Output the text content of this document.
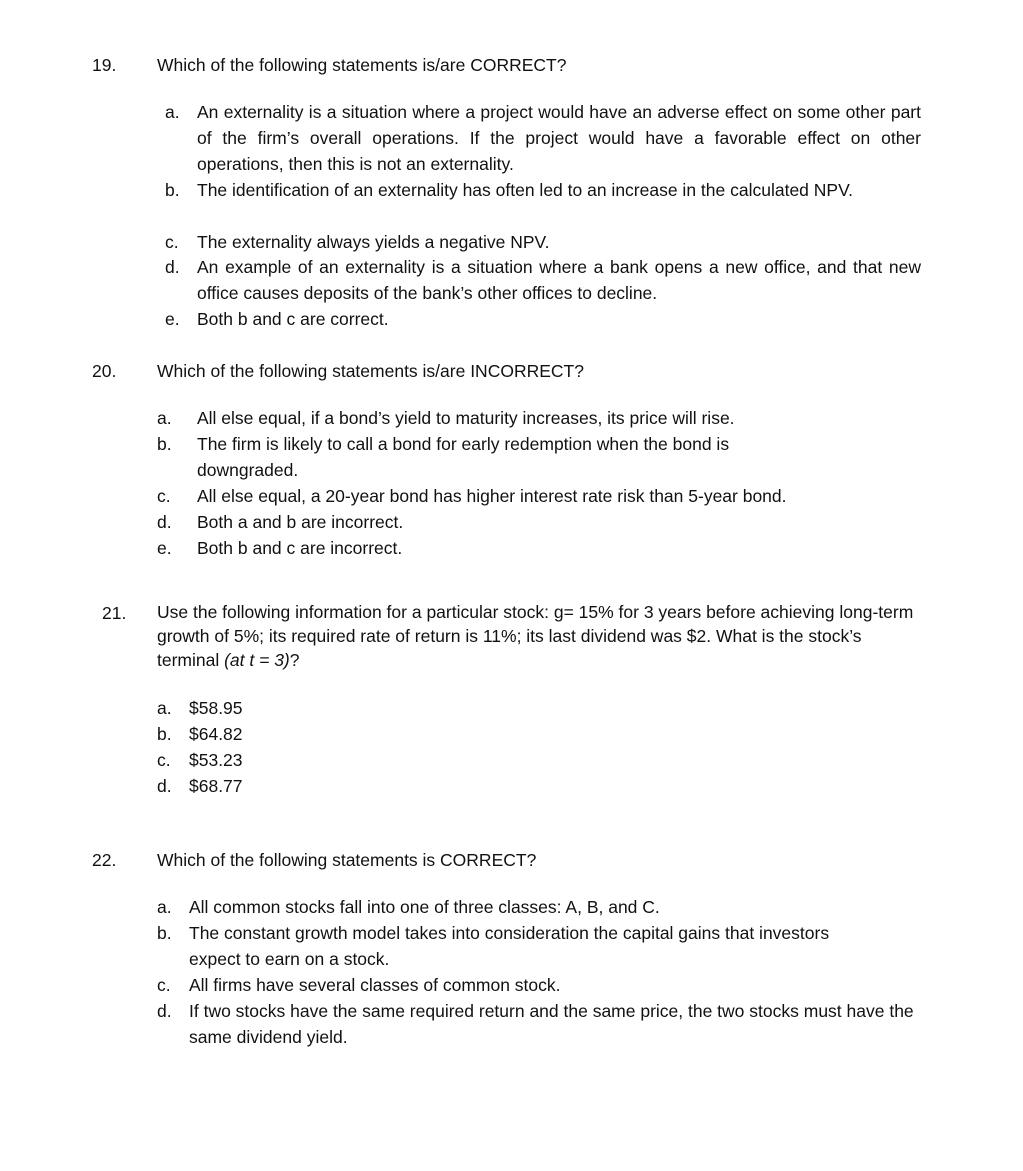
19. Which of the following statements is/are CORRECT?
a. An externality is a situation where a project would have an adverse effect on some other part of the firm’s overall operations. If the project would have a favorable effect on other operations, then this is not an externality.
b. The identification of an externality has often led to an increase in the calculated NPV.
c. The externality always yields a negative NPV.
d. An example of an externality is a situation where a bank opens a new office, and that new office causes deposits of the bank’s other offices to decline.
e. Both b and c are correct.
20. Which of the following statements is/are INCORRECT?
a. All else equal, if a bond’s yield to maturity increases, its price will rise.
b. The firm is likely to call a bond for early redemption when the bond is downgraded.
c. All else equal, a 20-year bond has higher interest rate risk than 5-year bond.
d. Both a and b are incorrect.
e. Both b and c are incorrect.
21. Use the following information for a particular stock: g= 15% for 3 years before achieving long-term growth of 5%; its required rate of return is 11%; its last dividend was $2. What is the stock’s terminal (at t = 3)?
a. $58.95
b. $64.82
c. $53.23
d. $68.77
22. Which of the following statements is CORRECT?
a. All common stocks fall into one of three classes: A, B, and C.
b. The constant growth model takes into consideration the capital gains that investors expect to earn on a stock.
c. All firms have several classes of common stock.
d. If two stocks have the same required return and the same price, the two stocks must have the same dividend yield.
